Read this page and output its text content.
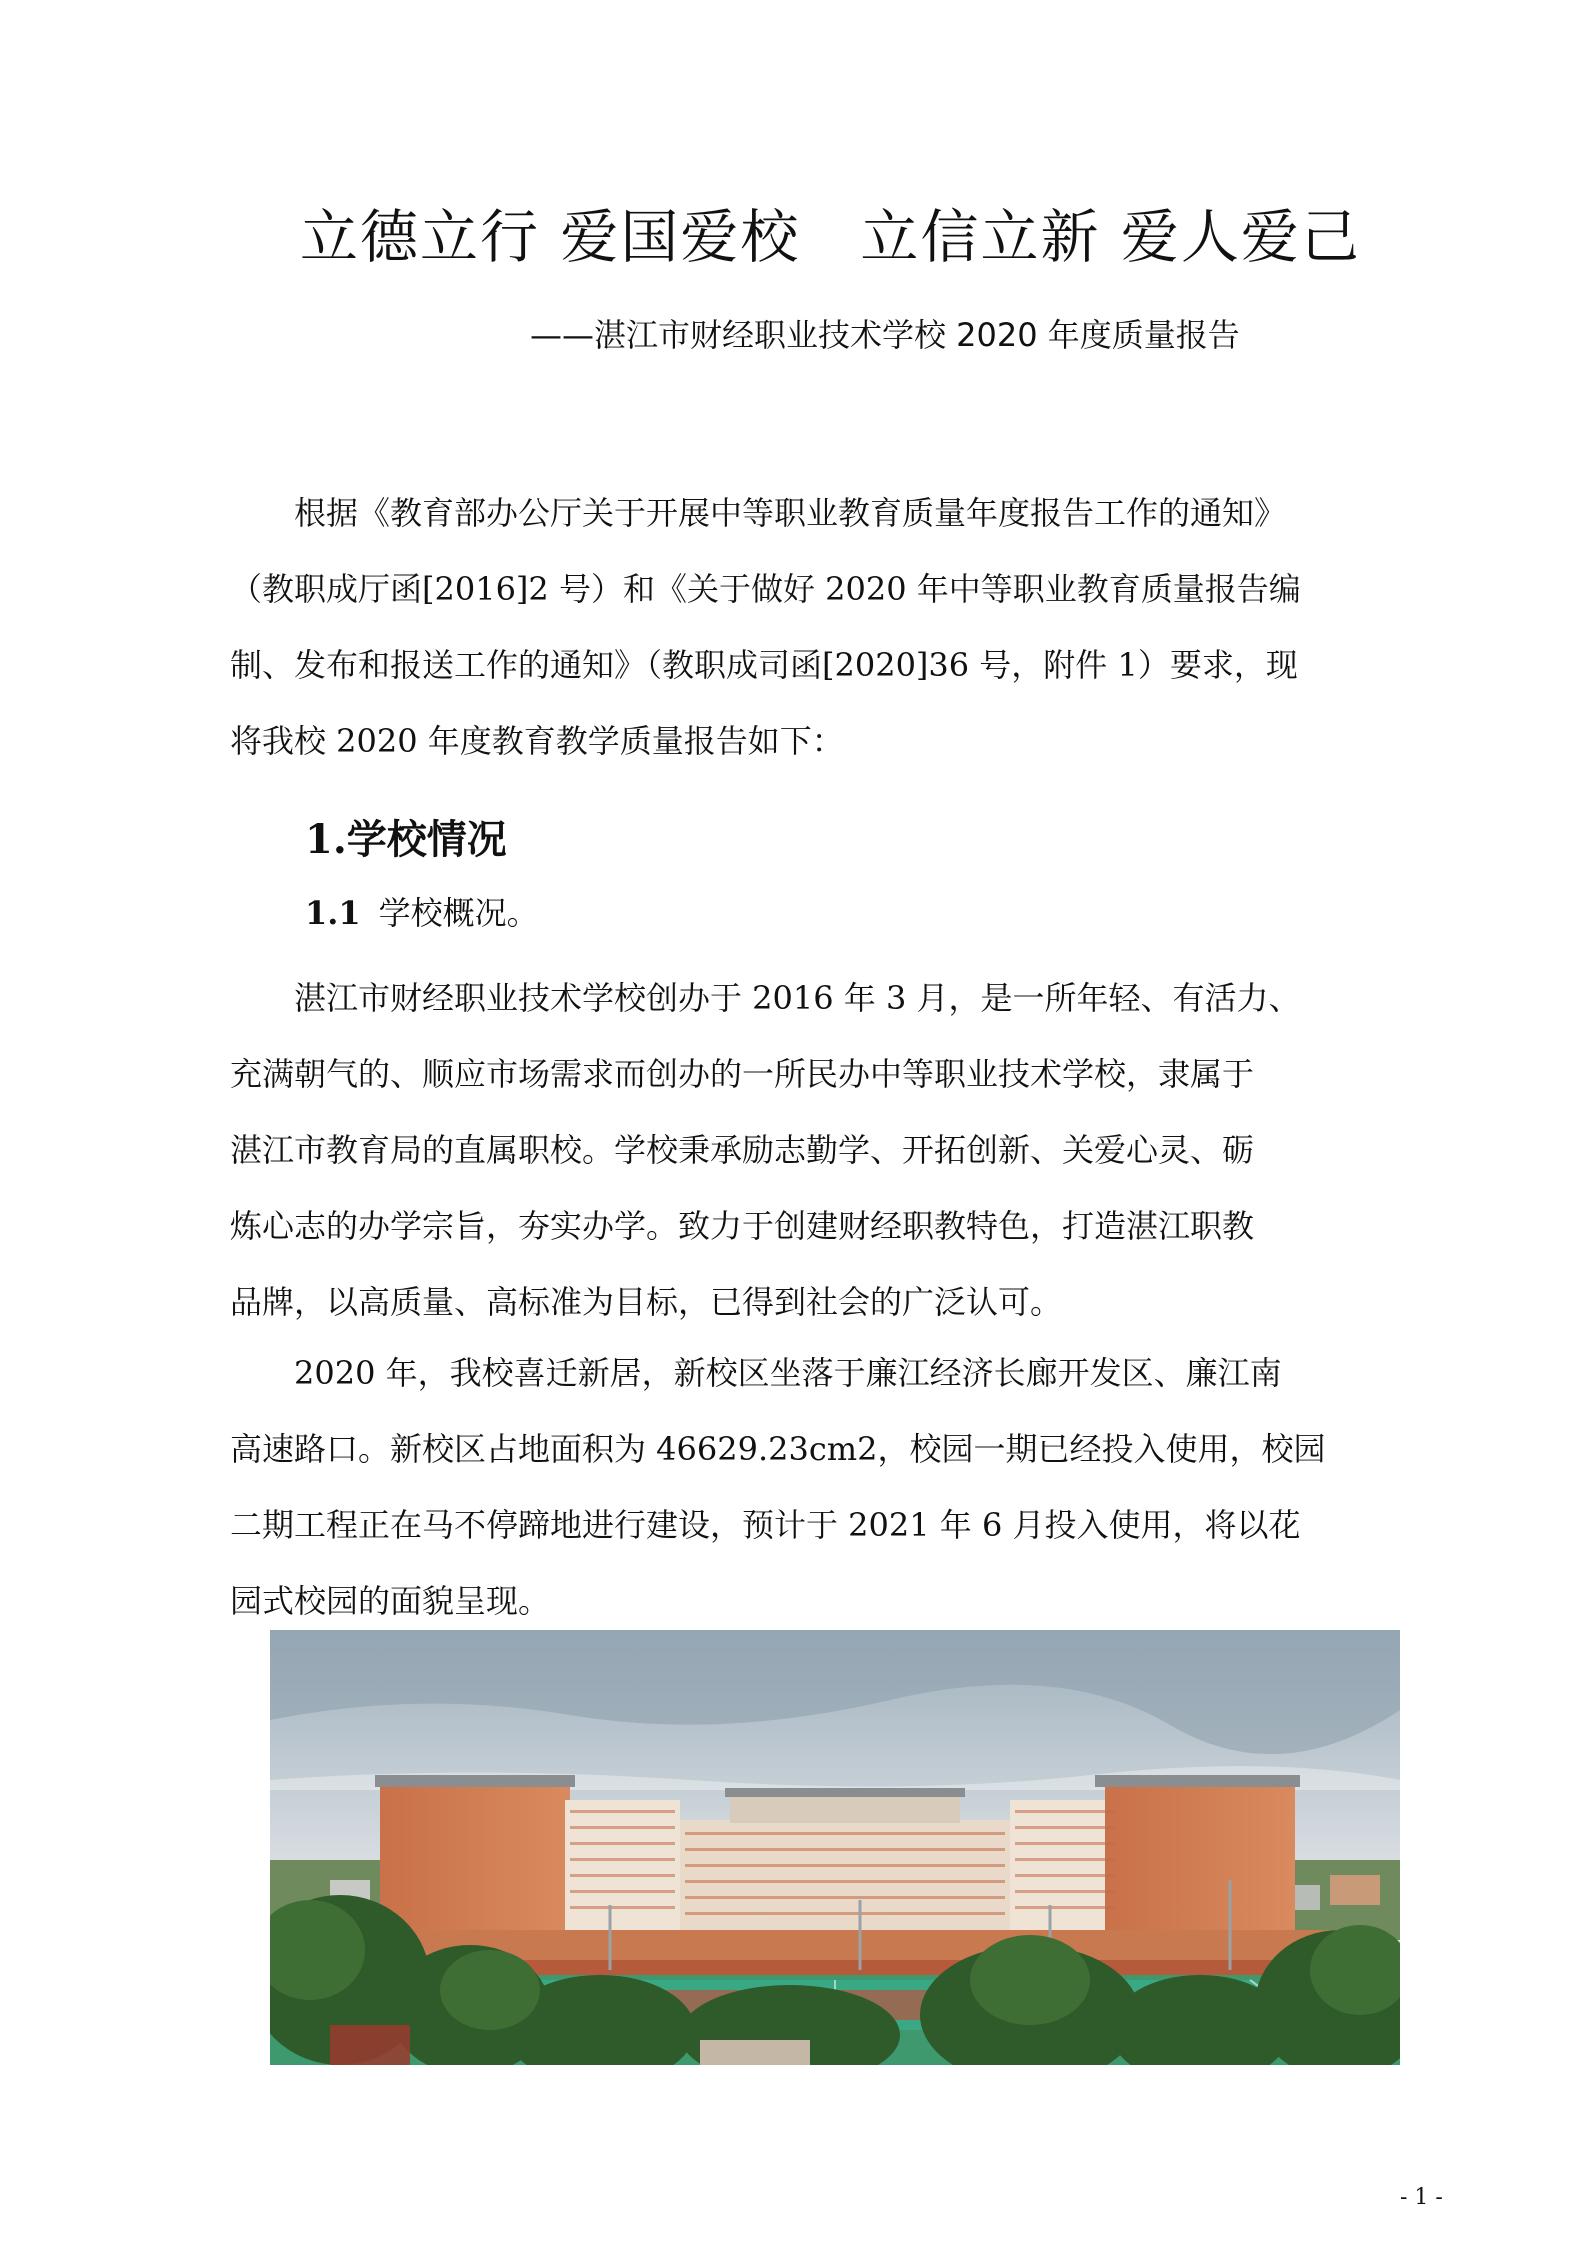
立德立行 爱国爱校　立信立新 爱人爱己
——湛江市财经职业技术学校 2020 年度质量报告
　　根据《教育部办公厅关于开展中等职业教育质量年度报告工作的通知》
（教职成厅函[2016]2 号）和《关于做好 2020 年中等职业教育质量报告编
制、发布和报送工作的通知》（教职成司函[2020]36 号，附件 1）要求，现
将我校 2020 年度教育教学质量报告如下：
1.学校情况
1.1 学校概况。
　　湛江市财经职业技术学校创办于 2016 年 3 月，是一所年轻、有活力、
充满朝气的、顺应市场需求而创办的一所民办中等职业技术学校，隶属于
湛江市教育局的直属职校。学校秉承励志勤学、开拓创新、关爱心灵、砺
炼心志的办学宗旨，夯实办学。致力于创建财经职教特色，打造湛江职教
品牌，以高质量、高标准为目标，已得到社会的广泛认可。
　　2020 年，我校喜迁新居，新校区坐落于廉江经济长廊开发区、廉江南
高速路口。新校区占地面积为 46629.23cm2，校园一期已经投入使用，校园
二期工程正在马不停蹄地进行建设，预计于 2021 年 6 月投入使用，将以花
园式校园的面貌呈现。
- 1 -
